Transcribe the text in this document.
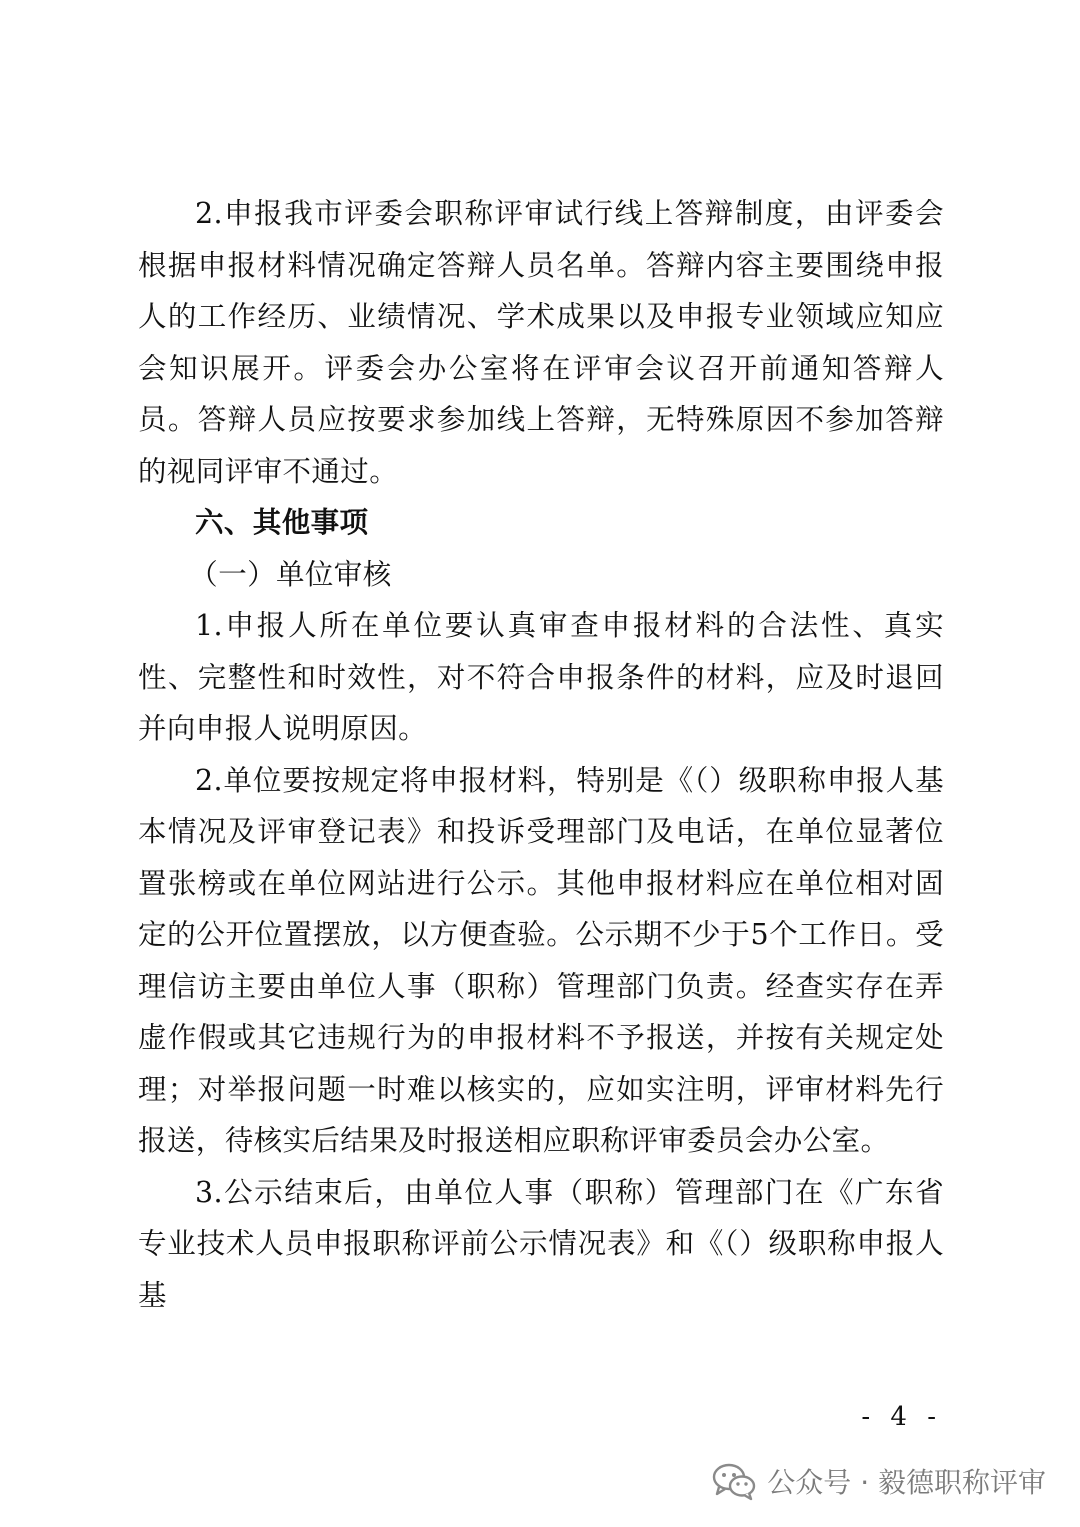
2.申报我市评委会职称评审试行线上答辩制度，由评委会根据申报材料情况确定答辩人员名单。答辩内容主要围绕申报人的工作经历、业绩情况、学术成果以及申报专业领域应知应会知识展开。评委会办公室将在评审会议召开前通知答辩人员。答辩人员应按要求参加线上答辩，无特殊原因不参加答辩的视同评审不通过。

六、其他事项

（一）单位审核

1.申报人所在单位要认真审查申报材料的合法性、真实性、完整性和时效性，对不符合申报条件的材料，应及时退回并向申报人说明原因。

2.单位要按规定将申报材料，特别是《（）级职称申报人基本情况及评审登记表》和投诉受理部门及电话，在单位显著位置张榜或在单位网站进行公示。其他申报材料应在单位相对固定的公开位置摆放，以方便查验。公示期不少于5个工作日。受理信访主要由单位人事（职称）管理部门负责。经查实存在弄虚作假或其它违规行为的申报材料不予报送，并按有关规定处理；对举报问题一时难以核实的，应如实注明，评审材料先行报送，待核实后结果及时报送相应职称评审委员会办公室。

3.公示结束后，由单位人事（职称）管理部门在《广东省专业技术人员申报职称评前公示情况表》和《（）级职称申报人基

- 4 -
公众号 · 毅德职称评审
